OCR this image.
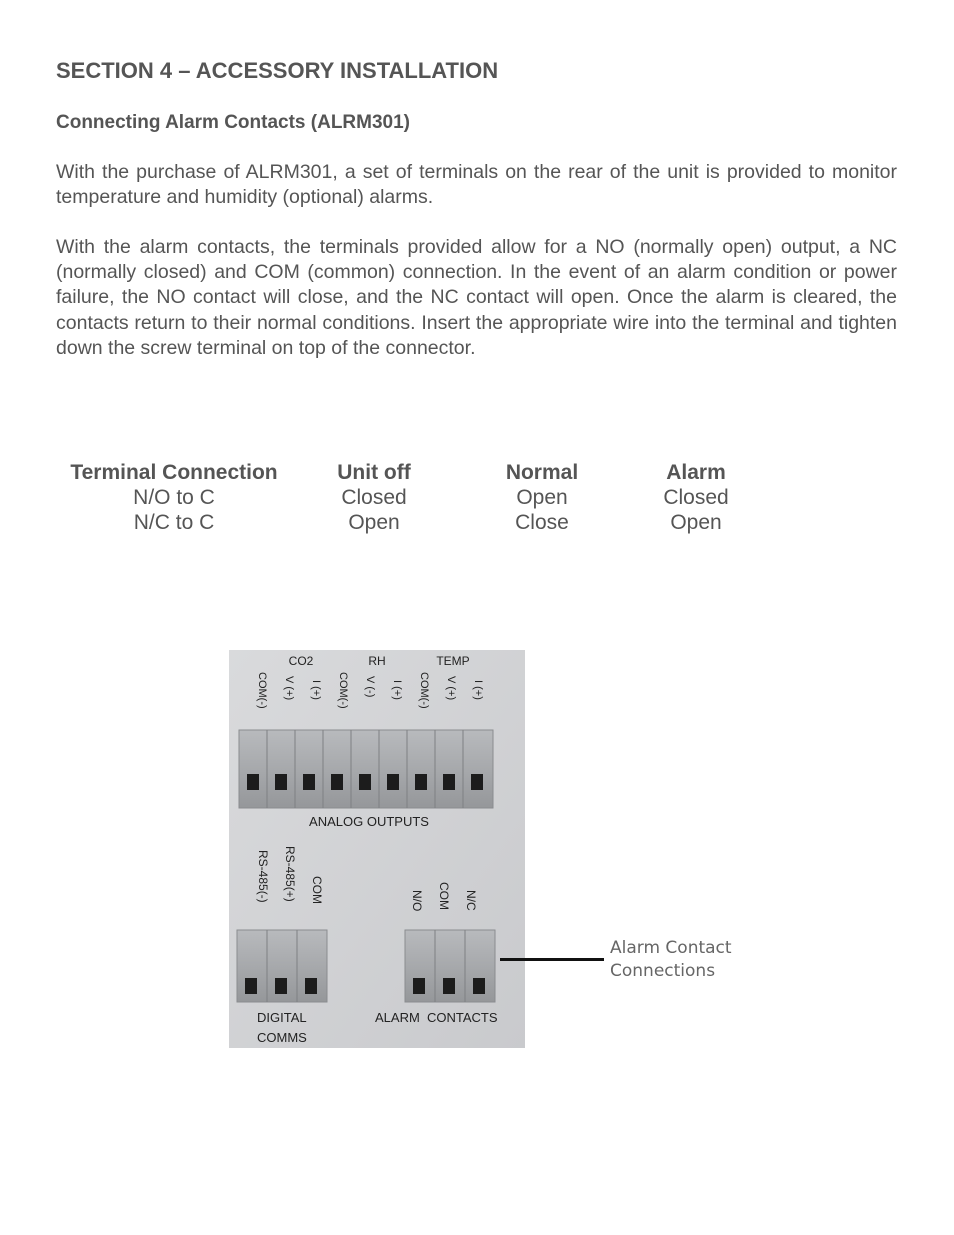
SECTION 4 – ACCESSORY INSTALLATION
Connecting Alarm Contacts (ALRM301)

With the purchase of ALRM301, a set of terminals on the rear of the unit is provided to monitor temperature and humidity (optional) alarms.

With the alarm contacts, the terminals provided allow for a NO (normally open) output, a NC (normally closed) and COM (common) connection. In the event of an alarm condition or power failure, the NO contact will close, and the NC contact will open. Once the alarm is cleared, the contacts return to their normal conditions. Insert the appropriate wire into the terminal and tighten down the screw terminal on top of the connector.

Terminal Connection	Unit off	Normal	Alarm
N/O to C	Closed	Open	Closed
N/C to C	Open	Close	Open
CO2	RH	TEMP
COM(-) V (+) I (+) COM(-) V (-) I (+) COM(-) V (+) I (+)
ANALOG OUTPUTS
RS-485(-) RS-485(+) COM	N/O COM N/C
DIGITAL
COMMS
ALARM  CONTACTS
Alarm Contact
Connections
